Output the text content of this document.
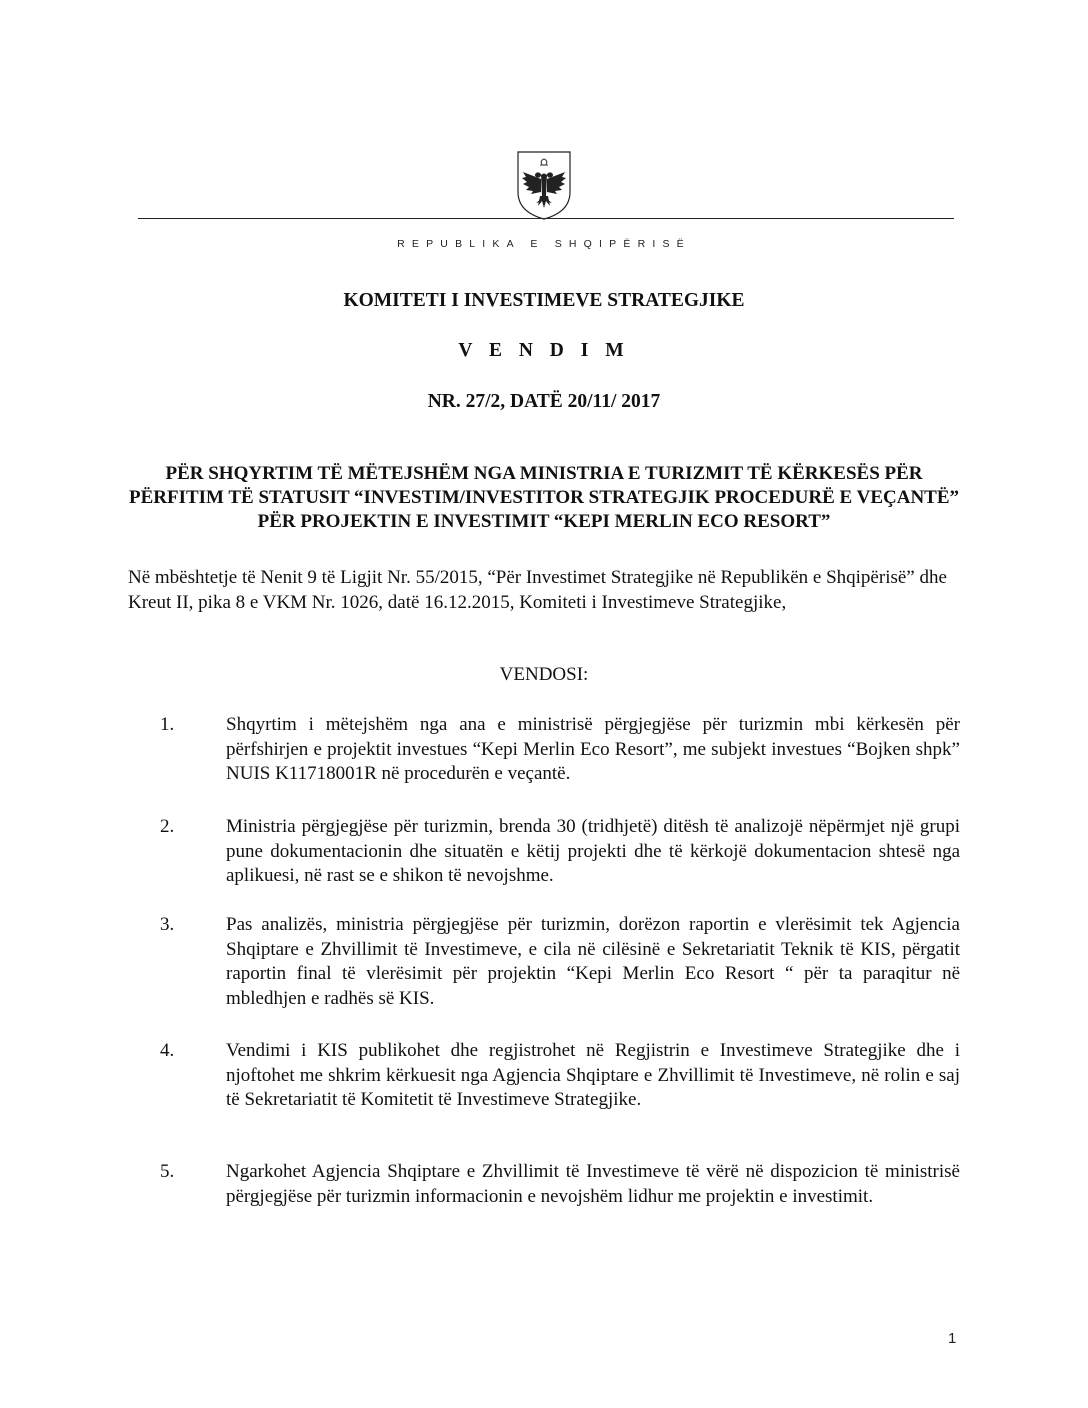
REPUBLIKA E SHQIPËRISË
KOMITETI I INVESTIMEVE STRATEGJIKE
V E N D I M
NR. 27/2, DATË 20/11/ 2017
PËR SHQYRTIM TË MËTEJSHËM NGA MINISTRIA E TURIZMIT TË KËRKESËS PËR PËRFITIM TË STATUSIT “INVESTIM/INVESTITOR STRATEGJIK PROCEDURË E VEÇANTË” PËR PROJEKTIN E INVESTIMIT “KEPI MERLIN ECO RESORT”
Në mbështetje të Nenit 9 të Ligjit Nr. 55/2015, “Për Investimet Strategjike në Republikën e Shqipërisë” dhe Kreut II, pika 8 e VKM Nr. 1026, datë 16.12.2015, Komiteti i Investimeve Strategjike,
VENDOSI:
1.	Shqyrtim i mëtejshëm nga ana e ministrisë përgjegjëse për turizmin mbi kërkesën për përfshirjen e projektit investues “Kepi Merlin Eco Resort”, me subjekt investues “Bojken shpk” NUIS K11718001R në procedurën e veçantë.
2.	Ministria përgjegjëse për turizmin, brenda 30 (tridhjetë) ditësh të analizojë nëpërmjet një grupi pune dokumentacionin dhe situatën e këtij projekti dhe të kërkojë dokumentacion shtesë nga aplikuesi, në rast se e shikon të nevojshme.
3.	Pas analizës, ministria përgjegjëse për turizmin, dorëzon raportin e vlerësimit tek Agjencia Shqiptare e Zhvillimit të Investimeve, e cila në cilësinë e Sekretariatit Teknik të KIS, përgatit raportin final të vlerësimit për projektin “Kepi Merlin Eco Resort “ për ta paraqitur në mbledhjen e radhës së KIS.
4.	Vendimi i KIS publikohet dhe regjistrohet në Regjistrin e Investimeve Strategjike dhe i njoftohet me shkrim kërkuesit nga Agjencia Shqiptare e Zhvillimit të Investimeve, në rolin e saj të Sekretariatit të Komitetit të Investimeve Strategjike.
5.	Ngarkohet Agjencia Shqiptare e Zhvillimit të Investimeve të vërë në dispozicion të ministrisë përgjegjëse për turizmin informacionin e nevojshëm lidhur me projektin e investimit.
1
